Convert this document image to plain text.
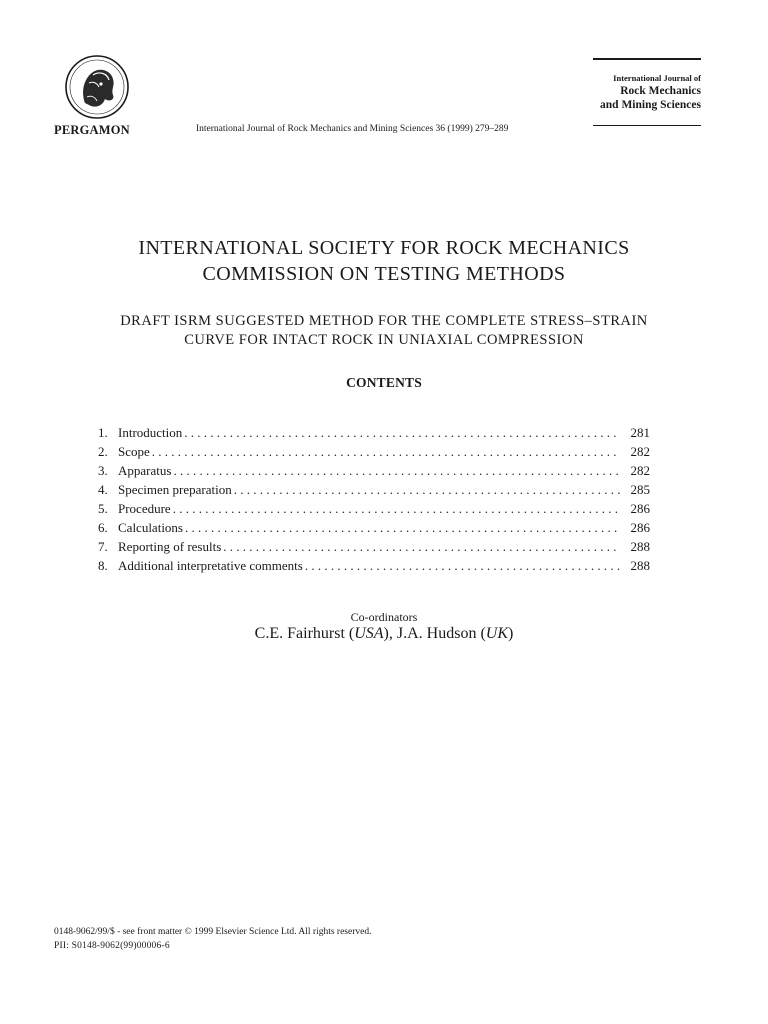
PERGAMON	International Journal of Rock Mechanics and Mining Sciences 36 (1999) 279–289
International Journal of
Rock Mechanics
and Mining Sciences
INTERNATIONAL SOCIETY FOR ROCK MECHANICS
COMMISSION ON TESTING METHODS
DRAFT ISRM SUGGESTED METHOD FOR THE COMPLETE STRESS–STRAIN
CURVE FOR INTACT ROCK IN UNIAXIAL COMPRESSION
CONTENTS
1. Introduction . . .	281
2. Scope . . .	282
3. Apparatus . . .	282
4. Specimen preparation . . .	285
5. Procedure . . .	286
6. Calculations . . .	286
7. Reporting of results . . .	288
8. Additional interpretative comments . . .	288
Co-ordinators
C.E. Fairhurst (USA), J.A. Hudson (UK)
0148-9062/99/$ - see front matter © 1999 Elsevier Science Ltd. All rights reserved.
PII: S0148-9062(99)00006-6
